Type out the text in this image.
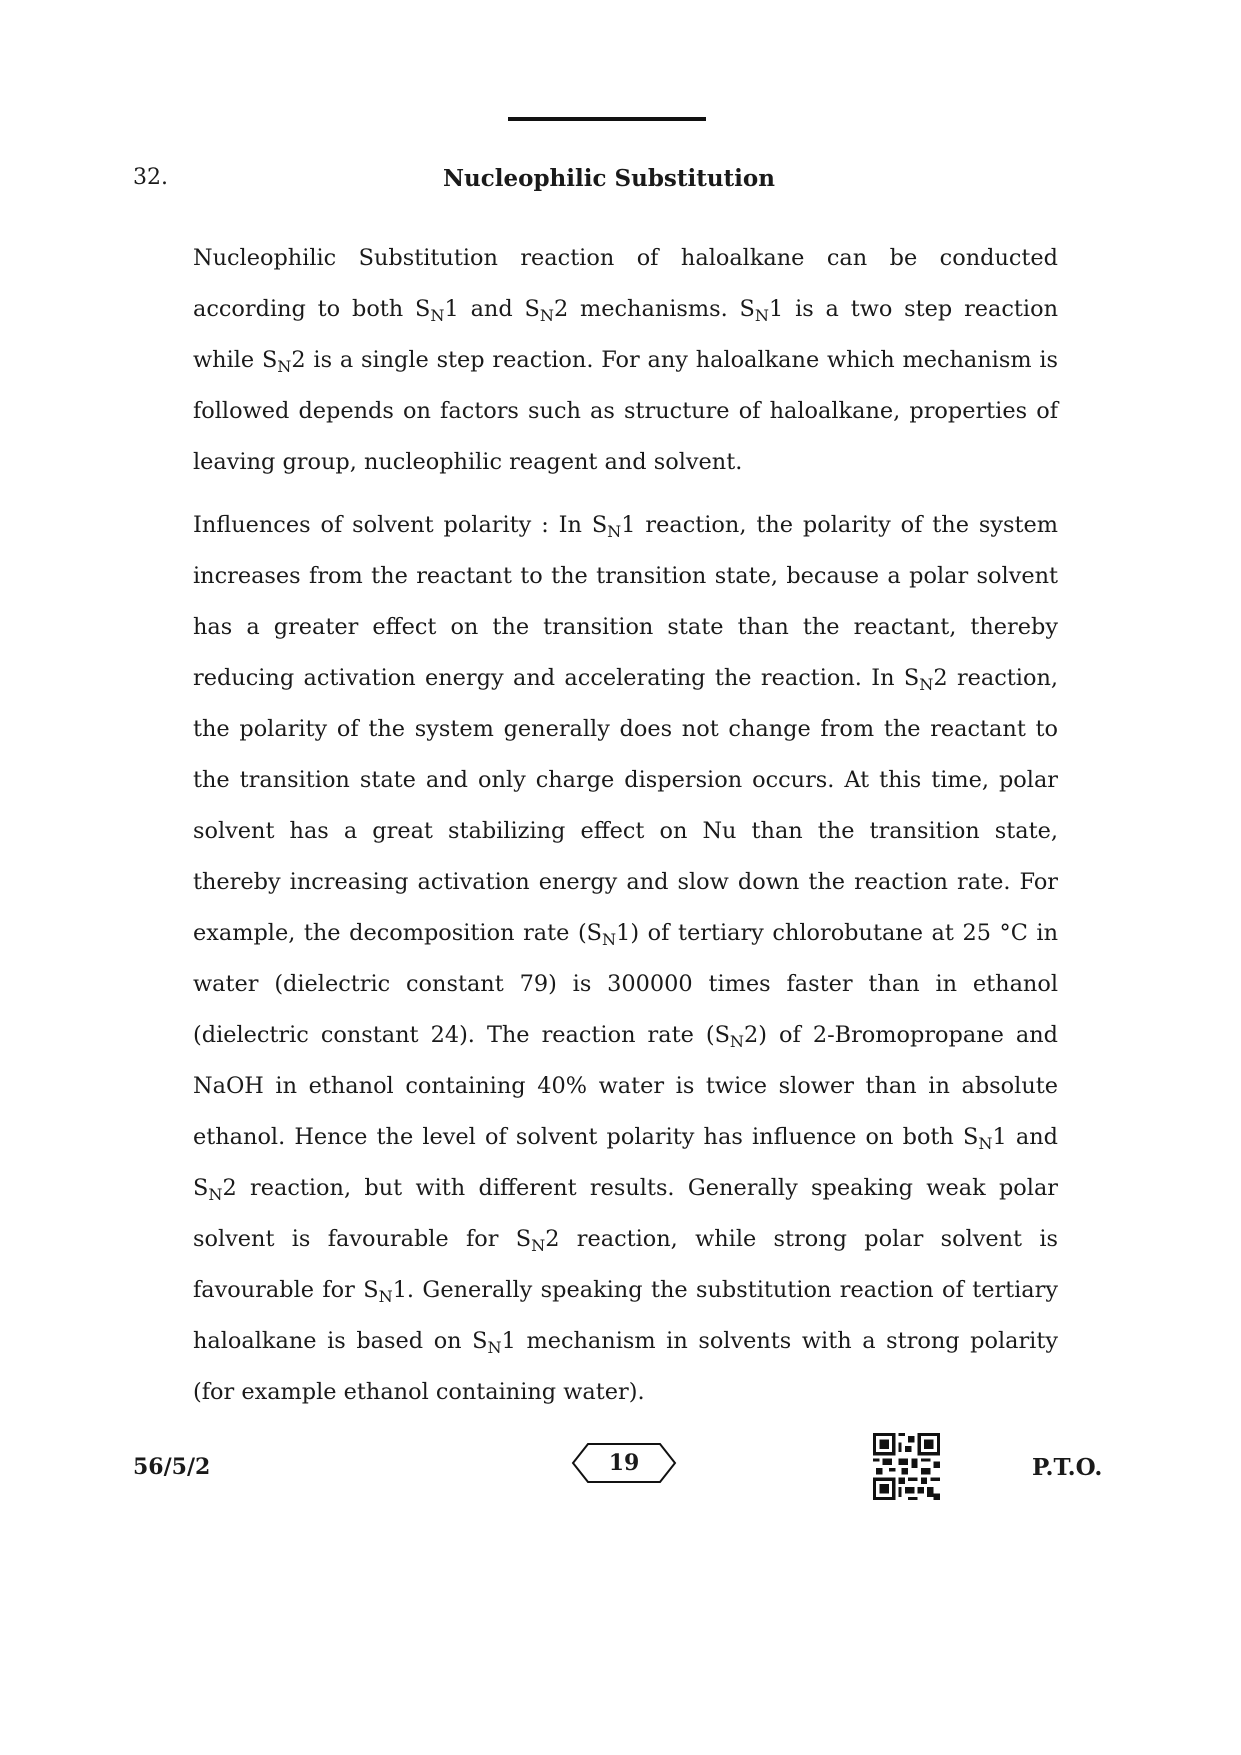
32.	Nucleophilic Substitution

Nucleophilic Substitution reaction of haloalkane can be conducted according to both $S_N1$ and $S_N2$ mechanisms. $S_N1$ is a two step reaction while $S_N2$ is a single step reaction. For any haloalkane which mechanism is followed depends on factors such as structure of haloalkane, properties of leaving group, nucleophilic reagent and solvent.

Influences of solvent polarity : In $S_N1$ reaction, the polarity of the system increases from the reactant to the transition state, because a polar solvent has a greater effect on the transition state than the reactant, thereby reducing activation energy and accelerating the reaction. In $S_N2$ reaction, the polarity of the system generally does not change from the reactant to the transition state and only charge dispersion occurs. At this time, polar solvent has a great stabilizing effect on Nu than the transition state, thereby increasing activation energy and slow down the reaction rate. For example, the decomposition rate $(S_N1)$ of tertiary chlorobutane at 25 °C in water (dielectric constant 79) is 300000 times faster than in ethanol (dielectric constant 24). The reaction rate $(S_N2)$ of 2-Bromopropane and NaOH in ethanol containing 40% water is twice slower than in absolute ethanol. Hence the level of solvent polarity has influence on both $S_N1$ and $S_N2$ reaction, but with different results. Generally speaking weak polar solvent is favourable for $S_N2$ reaction, while strong polar solvent is favourable for $S_N1$. Generally speaking the substitution reaction of tertiary haloalkane is based on $S_N1$ mechanism in solvents with a strong polarity (for example ethanol containing water).

56/5/2	19	P.T.O.
